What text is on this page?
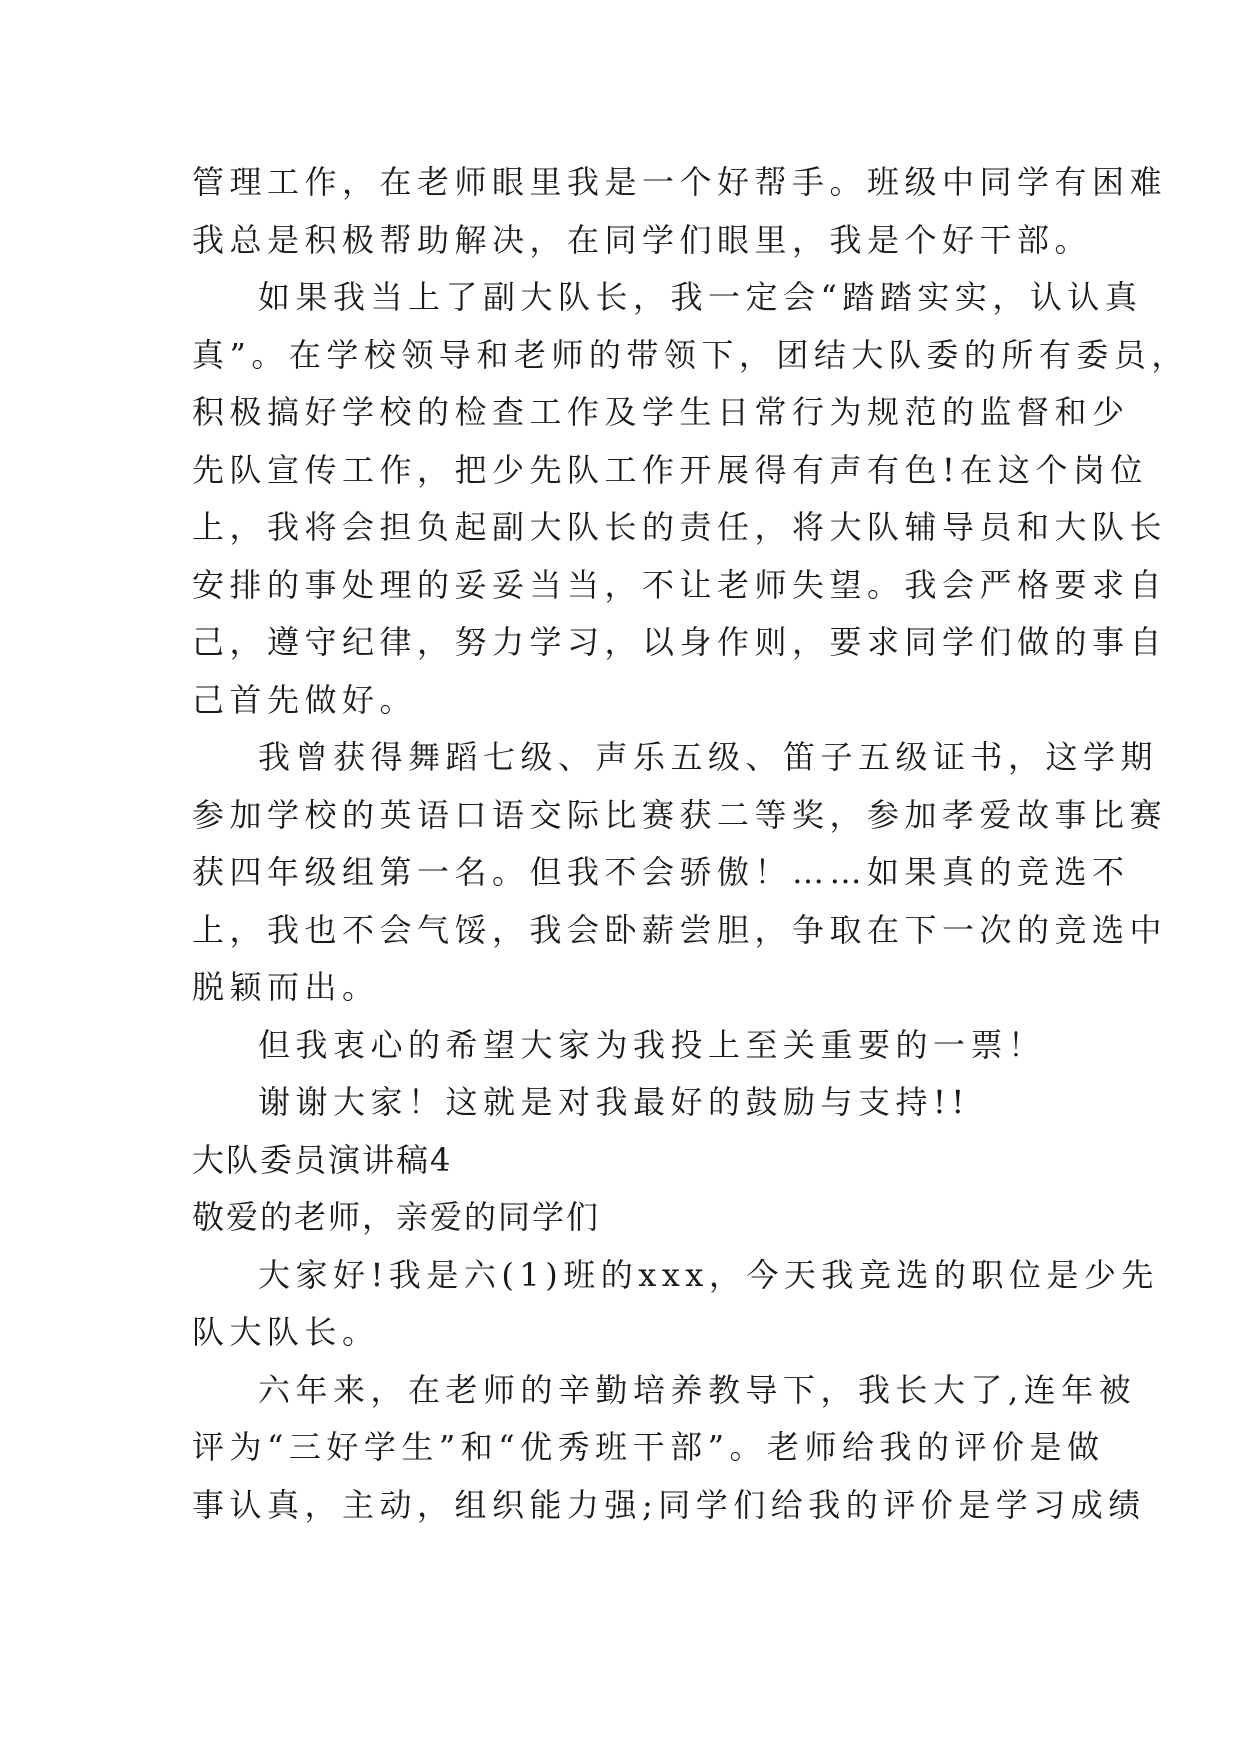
管理工作，在老师眼里我是一个好帮手。班级中同学有困难
我总是积极帮助解决，在同学们眼里，我是个好干部。
如果我当上了副大队长，我一定会“踏踏实实，认认真
真”。在学校领导和老师的带领下，团结大队委的所有委员，
积极搞好学校的检查工作及学生日常行为规范的监督和少
先队宣传工作，把少先队工作开展得有声有色!在这个岗位
上，我将会担负起副大队长的责任，将大队辅导员和大队长
安排的事处理的妥妥当当，不让老师失望。我会严格要求自
己，遵守纪律，努力学习，以身作则，要求同学们做的事自
己首先做好。
我曾获得舞蹈七级、声乐五级、笛子五级证书，这学期
参加学校的英语口语交际比赛获二等奖，参加孝爱故事比赛
获四年级组第一名。但我不会骄傲！……如果真的竞选不
上，我也不会气馁，我会卧薪尝胆，争取在下一次的竞选中
脱颖而出。
但我衷心的希望大家为我投上至关重要的一票！
谢谢大家！这就是对我最好的鼓励与支持!!
大队委员演讲稿4
敬爱的老师，亲爱的同学们
大家好!我是六(1)班的xxx，今天我竞选的职位是少先
队大队长。
六年来，在老师的辛勤培养教导下，我长大了,连年被
评为“三好学生”和“优秀班干部”。老师给我的评价是做
事认真，主动，组织能力强;同学们给我的评价是学习成绩
